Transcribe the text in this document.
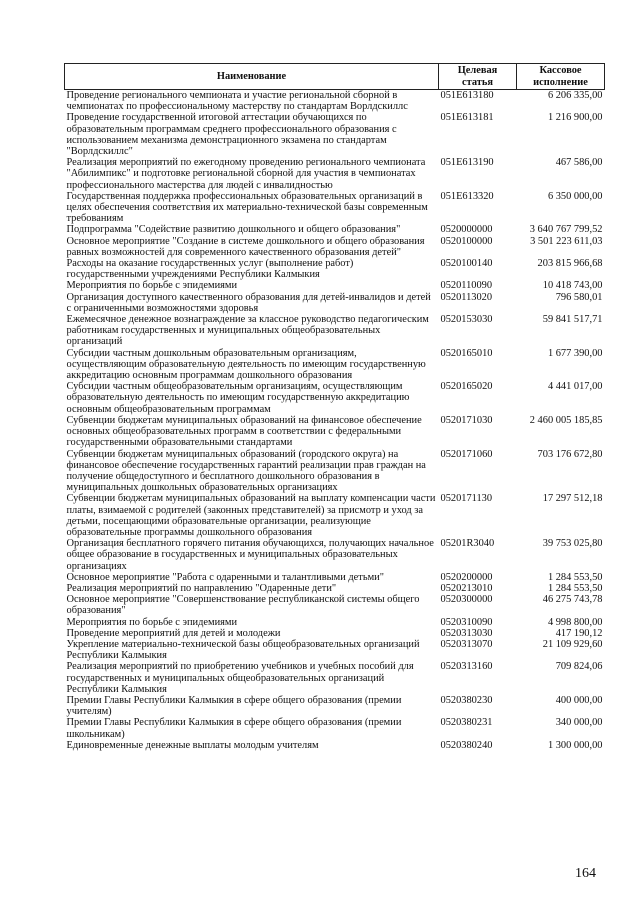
Наименование	Целевая статья	Кассовое исполнение
Проведение регионального чемпионата и участие региональной сборной в чемпионатах по профессиональному мастерству по стандартам Ворлдскиллс	051E613180	6 206 335,00
Проведение государственной итоговой аттестации обучающихся по образовательным программам среднего профессионального образования с использованием механизма демонстрационного экзамена по стандартам "Ворлдскиллс"	051E613181	1 216 900,00
Реализация мероприятий по ежегодному проведению регионального чемпионата "Абилимпикс" и подготовке региональной сборной для участия в чемпионатах профессионального мастерства для людей с инвалидностью	051E613190	467 586,00
Государственная поддержка профессиональных образовательных организаций в целях обеспечения соответствия их материально-технической базы современным требованиям	051E613320	6 350 000,00
Подпрограмма "Содействие развитию дошкольного и общего образования"	0520000000	3 640 767 799,52
Основное мероприятие "Создание в системе дошкольного и общего образования равных возможностей для современного качественного образования детей"	0520100000	3 501 223 611,03
Расходы на оказание государственных услуг (выполнение работ) государственными учреждениями Республики Калмыкия	0520100140	203 815 966,68
Мероприятия по борьбе с эпидемиями	0520110090	10 418 743,00
Организация доступного качественного образования для детей-инвалидов и детей с ограниченными возможностями здоровья	0520113020	796 580,01
Ежемесячное денежное вознаграждение за классное руководство педагогическим работникам государственных и муниципальных общеобразовательных организаций	0520153030	59 841 517,71
Субсидии частным дошкольным образовательным организациям, осуществляющим образовательную деятельность по имеющим государственную аккредитацию основным программам дошкольного образования	0520165010	1 677 390,00
Субсидии частным общеобразовательным организациям, осуществляющим образовательную деятельность по имеющим государственную аккредитацию основным общеобразовательным программам	0520165020	4 441 017,00
Субвенции бюджетам муниципальных образований на финансовое обеспечение основных общеобразовательных программ в соответствии с федеральными государственными образовательными стандартами	0520171030	2 460 005 185,85
Субвенции бюджетам муниципальных образований (городского округа) на финансовое обеспечение государственных гарантий реализации прав граждан на получение общедоступного и бесплатного дошкольного образования в муниципальных дошкольных образовательных организациях	0520171060	703 176 672,80
Субвенции бюджетам муниципальных образований на выплату компенсации части платы, взимаемой с родителей (законных представителей) за присмотр и уход за детьми, посещающими образовательные организации, реализующие образовательные программы дошкольного образования	0520171130	17 297 512,18
Организация бесплатного горячего питания обучающихся, получающих начальное общее образование в государственных и муниципальных образовательных организациях	05201R3040	39 753 025,80
Основное мероприятие "Работа с одаренными и талантливыми детьми"	0520200000	1 284 553,50
Реализация мероприятий по направлению "Одаренные дети"	0520213010	1 284 553,50
Основное мероприятие "Совершенствование республиканской системы общего образования"	0520300000	46 275 743,78
Мероприятия по борьбе с эпидемиями	0520310090	4 998 800,00
Проведение мероприятий для детей и молодежи	0520313030	417 190,12
Укрепление материально-технической базы общеобразовательных организаций Республики Калмыкия	0520313070	21 109 929,60
Реализация мероприятий по приобретению учебников и учебных пособий для государственных и муниципальных общеобразовательных организаций Республики Калмыкия	0520313160	709 824,06
Премии Главы Республики Калмыкия в сфере общего образования (премии учителям)	0520380230	400 000,00
Премии Главы Республики Калмыкия в сфере общего образования (премии школьникам)	0520380231	340 000,00
Единовременные денежные выплаты молодым учителям	0520380240	1 300 000,00
164
